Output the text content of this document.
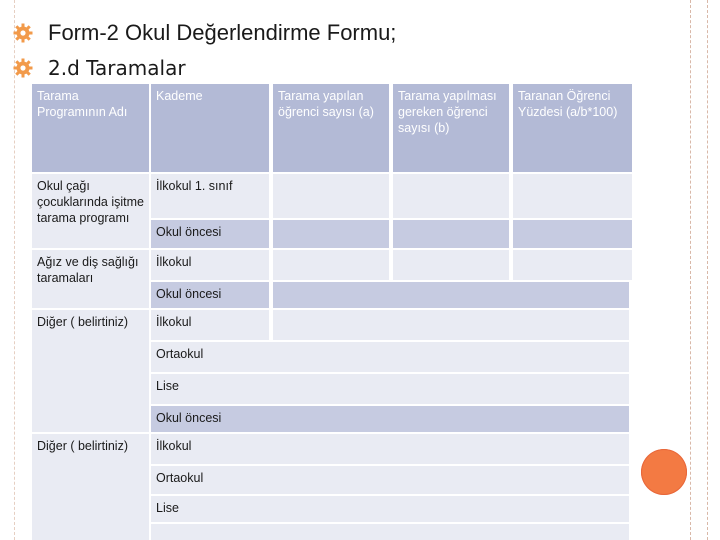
Form-2 Okul Değerlendirme Formu;
2.d Taramalar
Tarama Programının Adı
Kademe	Tarama yapılan öğrenci sayısı (a)
Tarama yapılması gereken öğrenci sayısı (b)
Taranan Öğrenci Yüzdesi (a/b*100)
Okul çağı çocuklarında işitme tarama programı
Ağız ve diş sağlığı taramaları
Diğer ( belirtiniz)
Diğer ( belirtiniz)
İlkokul 1. sınıf
Okul öncesi
İlkokul
Okul öncesi
İlkokul
Ortaokul
Lise
Okul öncesi
İlkokul
Ortaokul
Lise
